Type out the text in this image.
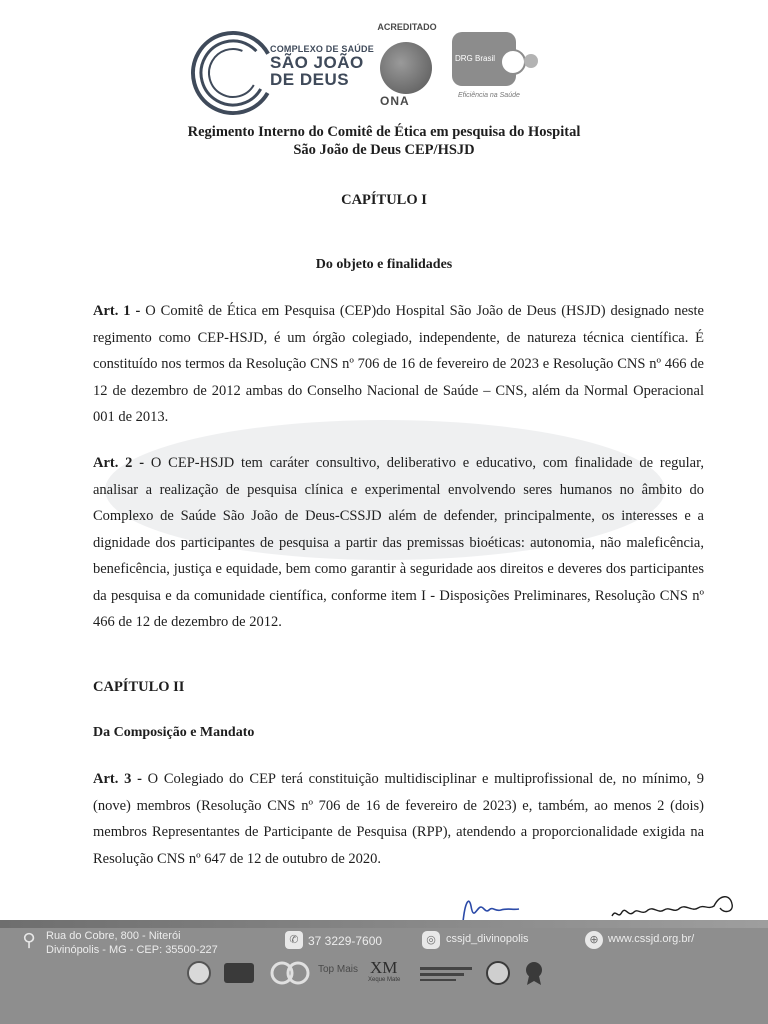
COMPLEXO DE SAÚDE
SÃO JOÃO
DE DEUS
ACREDITADO
ONA
DRG Brasil
Eficiência na Saúde
Regimento Interno do Comitê de Ética em pesquisa do Hospital
São João de Deus CEP/HSJD
CAPÍTULO I
Do objeto e finalidades
Art. 1 - O Comitê de Ética em Pesquisa (CEP)do Hospital São João de Deus (HSJD) designado neste regimento como CEP-HSJD, é um órgão colegiado, independente, de natureza técnica científica. É constituído nos termos da Resolução CNS nº 706 de 16 de fevereiro de 2023 e Resolução CNS nº 466 de 12 de dezembro de 2012 ambas do Conselho Nacional de Saúde – CNS, além da Normal Operacional 001 de 2013.
Art. 2 - O CEP-HSJD tem caráter consultivo, deliberativo e educativo, com finalidade de regular, analisar a realização de pesquisa clínica e experimental envolvendo seres humanos no âmbito do Complexo de Saúde São João de Deus-CSSJD além de defender, principalmente, os interesses e a dignidade dos participantes de pesquisa a partir das premissas bioéticas: autonomia, não maleficência, beneficência, justiça e equidade, bem como garantir à seguridade aos direitos e deveres dos participantes da pesquisa e da comunidade científica, conforme item I - Disposições Preliminares, Resolução CNS nº 466 de 12 de dezembro de 2012.
CAPÍTULO II
Da Composição e Mandato
Art. 3 - O Colegiado do CEP terá constituição multidisciplinar e multiprofissional de, no mínimo, 9 (nove) membros (Resolução CNS nº 706 de 16 de fevereiro de 2023) e, também, ao menos 2 (dois) membros Representantes de Participante de Pesquisa (RPP), atendendo a proporcionalidade exigida na Resolução CNS nº 647 de 12 de outubro de 2020.
⚲ Rua do Cobre, 800 - Niterói
Divinópolis - MG - CEP: 35500-227
✆ 37 3229-7600	◎ cssjd_divinopolis	⊕ www.cssjd.org.br/
Top Mais XM
Xeque Mate
